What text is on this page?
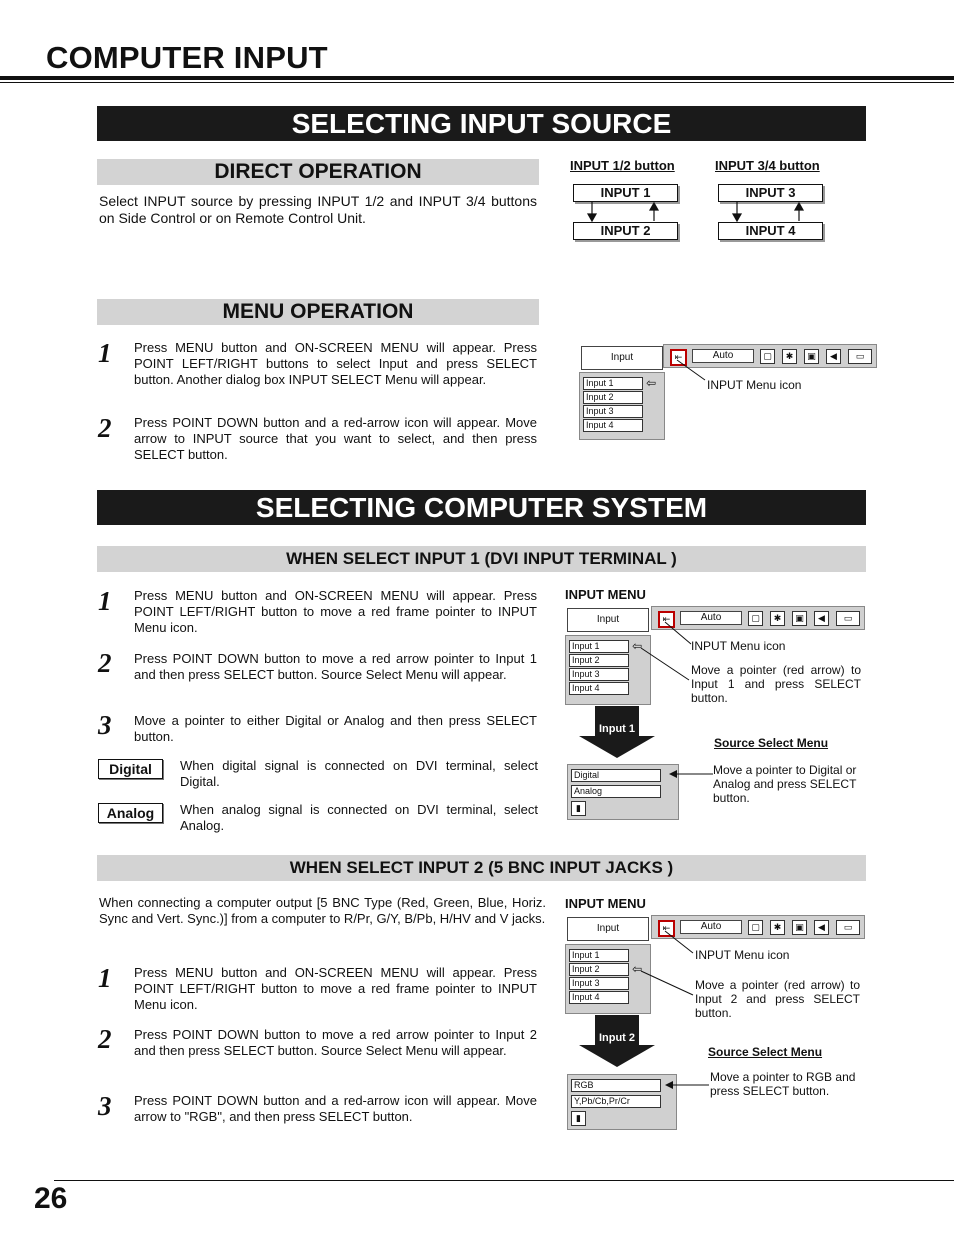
COMPUTER INPUT
SELECTING INPUT SOURCE
DIRECT OPERATION
Select INPUT source by pressing INPUT 1/2 and INPUT 3/4 buttons on Side Control or on Remote Control Unit.
INPUT 1/2 button	INPUT 3/4 button
INPUT 1
INPUT 2
INPUT 3
INPUT 4
MENU OPERATION
1 Press MENU button and ON-SCREEN MENU will appear. Press POINT LEFT/RIGHT buttons to select Input and press SELECT button. Another dialog box INPUT SELECT Menu will appear.
2 Press POINT DOWN button and a red-arrow icon will appear. Move arrow to INPUT source that you want to select, and then press SELECT button.
Input	⇤	Auto	▢	✱	▣	◀	▭
Input 1
Input 2
Input 3
Input 4
⇦	INPUT Menu icon
SELECTING COMPUTER SYSTEM
WHEN SELECT INPUT 1 (DVI INPUT TERMINAL )
1 Press MENU button and ON-SCREEN MENU will appear. Press POINT LEFT/RIGHT button to move a red frame pointer to INPUT Menu icon.
2 Press POINT DOWN button to move a red arrow pointer to Input 1 and then press SELECT button. Source Select Menu will appear.
3 Move a pointer to either Digital or Analog and then press SELECT button.
Digital	When digital signal is connected on DVI terminal, select Digital.
Analog	When analog signal is connected on DVI terminal, select Analog.
INPUT MENU
Input	⇤	Auto	▢	✱	▣	◀	▭
Input 1
Input 2
Input 3
Input 4
⇦	INPUT Menu icon
Move a pointer (red arrow) to Input 1 and press SELECT button.
Input 1
Source Select Menu
Digital
Analog
▮
Move a pointer to Digital or Analog and press SELECT button.
WHEN SELECT INPUT 2 (5 BNC INPUT JACKS )
When connecting a computer output [5 BNC Type (Red, Green, Blue, Horiz. Sync and Vert. Sync.)] from a computer to R/Pr, G/Y, B/Pb, H/HV and V jacks.
1 Press MENU button and ON-SCREEN MENU will appear. Press POINT LEFT/RIGHT button to move a red frame pointer to INPUT Menu icon.
2 Press POINT DOWN button to move a red arrow pointer to Input 2 and then press SELECT button. Source Select Menu will appear.
3 Press POINT DOWN button and a red-arrow icon will appear. Move arrow to "RGB", and then press SELECT button.
INPUT MENU
Input	⇤	Auto	▢	✱	▣	◀	▭
Input 1
Input 2
Input 3
Input 4
⇦
INPUT Menu icon
Move a pointer (red arrow) to Input 2 and press SELECT button.
Input 2
Source Select Menu
RGB
Y,Pb/Cb,Pr/Cr
▮
Move a pointer to RGB and press SELECT button.
26
